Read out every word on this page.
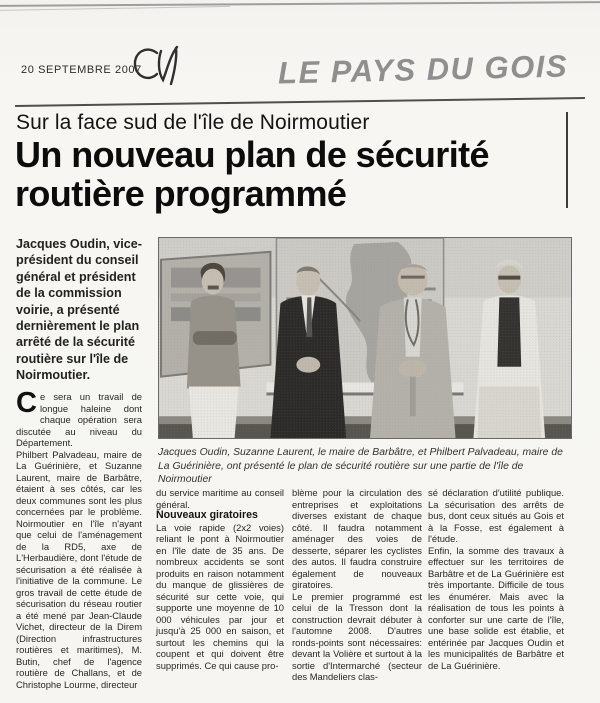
20 SEPTEMBRE 2007	LE PAYS DU GOIS
Sur la face sud de l'île de Noirmoutier
Un nouveau plan de sécurité routière programmé
Jacques Oudin, vice-président du conseil général et président de la commission voirie, a présenté dernièrement le plan arrêté de la sécurité routière sur l'île de Noirmoutier.
Jacques Oudin, Suzanne Laurent, le maire de Barbâtre, et Philbert Palvadeau, maire de La Guérinière, ont présenté le plan de sécurité routière sur une partie de l'île de Noirmoutier

Ce sera un travail de longue haleine dont chaque opération sera discutée au niveau du Département.

Philbert Palvadeau, maire de La Guérinière, et Suzanne Laurent, maire de Barbâtre, étaient à ses côtés, car les deux communes sont les plus concernées par le problème. Noirmoutier en l'île n'ayant que celui de l'aménagement de la RD5, axe de L'Herbaudière, dont l'étude de sécurisation a été réalisée à l'initiative de la commune. Le gros travail de cette étude de sécurisation du réseau routier a été mené par Jean-Claude Vichet, directeur de la Direm (Direction infrastructures routières et maritimes), M. Butin, chef de l'agence routière de Challans, et de Christophe Lourme, directeur

du service maritime au conseil général.

Nouveaux giratoires

La voie rapide (2x2 voies) reliant le pont à Noirmoutier en l'île date de 35 ans. De nombreux accidents se sont produits en raison notamment du manque de glissières de sécurité sur cette voie, qui supporte une moyenne de 10 000 véhicules par jour et jusqu'à 25 000 en saison, et surtout les chemins qui la coupent et qui doivent être supprimés. Ce qui cause pro-

blème pour la circulation des entreprises et exploitations diverses existant de chaque côté. Il faudra notamment aménager des voies de desserte, séparer les cyclistes des autos. Il faudra construire également de nouveaux giratoires.

Le premier programmé est celui de la Tresson dont la construction devrait débuter à l'automne 2008. D'autres ronds-points sont nécessaires: devant la Volière et surtout à la sortie d'Intermarché (secteur des Mandeliers clas-

sé déclaration d'utilité publique. La sécurisation des arrêts de bus, dont ceux situés au Gois et à la Fosse, est également à l'étude.

Enfin, la somme des travaux à effectuer sur les territoires de Barbâtre et de La Guérinière est très importante. Difficile de tous les énumérer. Mais avec la réalisation de tous les points à conforter sur une carte de l'île, une base solide est établie, et entérinée par Jacques Oudin et les municipalités de Barbâtre et de La Guérinière.
